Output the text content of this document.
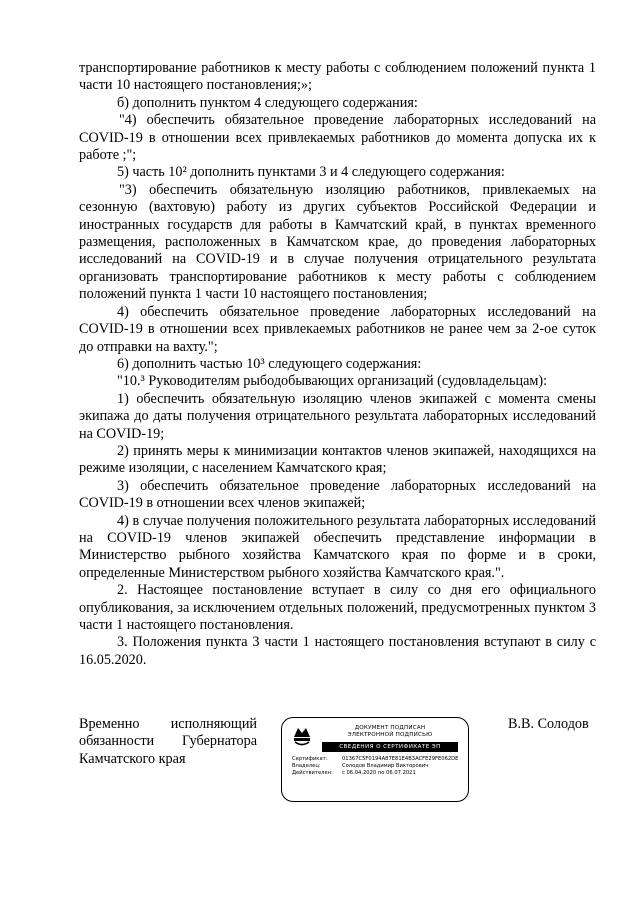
транспортирование работников к месту работы с соблюдением положений пункта 1 части 10 настоящего постановления;»;

б) дополнить пунктом 4 следующего содержания:

"4) обеспечить обязательное проведение лабораторных исследований на COVID-19 в отношении всех привлекаемых работников до момента допуска их к работе ;";

5) часть 10² дополнить пунктами 3 и 4 следующего содержания:

"3) обеспечить обязательную изоляцию работников, привлекаемых на сезонную (вахтовую) работу из других субъектов Российской Федерации и иностранных государств для работы в Камчатский край, в пунктах временного размещения, расположенных в Камчатском крае, до проведения лабораторных исследований на COVID-19 и в случае получения отрицательного результата организовать транспортирование работников к месту работы с соблюдением положений пункта 1 части 10 настоящего постановления;

4) обеспечить обязательное проведение лабораторных исследований на COVID-19 в отношении всех привлекаемых работников не ранее чем за 2-ое суток до отправки на вахту.";

6) дополнить частью 10³ следующего содержания:

"10.³ Руководителям рыбодобывающих организаций (судовладельцам):

1) обеспечить обязательную изоляцию членов экипажей с момента смены экипажа до даты получения отрицательного результата лабораторных исследований на COVID-19;

2) принять меры к минимизации контактов членов экипажей, находящихся на режиме изоляции, с населением Камчатского края;

3) обеспечить обязательное проведение лабораторных исследований на COVID-19 в отношении всех членов экипажей;

4) в случае получения положительного результата лабораторных исследований на COVID-19 членов экипажей обеспечить представление информации в Министерство рыбного хозяйства Камчатского края по форме и в сроки, определенные Министерством рыбного хозяйства Камчатского края.".

2. Настоящее постановление вступает в силу со дня его официального опубликования, за исключением отдельных положений, предусмотренных пунктом 3 части 1 настоящего постановления.

3. Положения пункта 3 части 1 настоящего постановления вступают в силу с 16.05.2020.

Временно исполняющий
обязанности Губернатора
Камчатского края
ДОКУМЕНТ ПОДПИСАН
ЭЛЕКТРОННОЙ ПОДПИСЬЮ
СВЕДЕНИЯ О СЕРТИФИКАТЕ ЭП
Сертификат:	01367C5F0194A87E81E4B3ACFE29FE062DE
Владелец:	Солодов Владимир Викторович
Действителен:	с 06.04.2020 по 06.07.2021
В.В. Солодов
